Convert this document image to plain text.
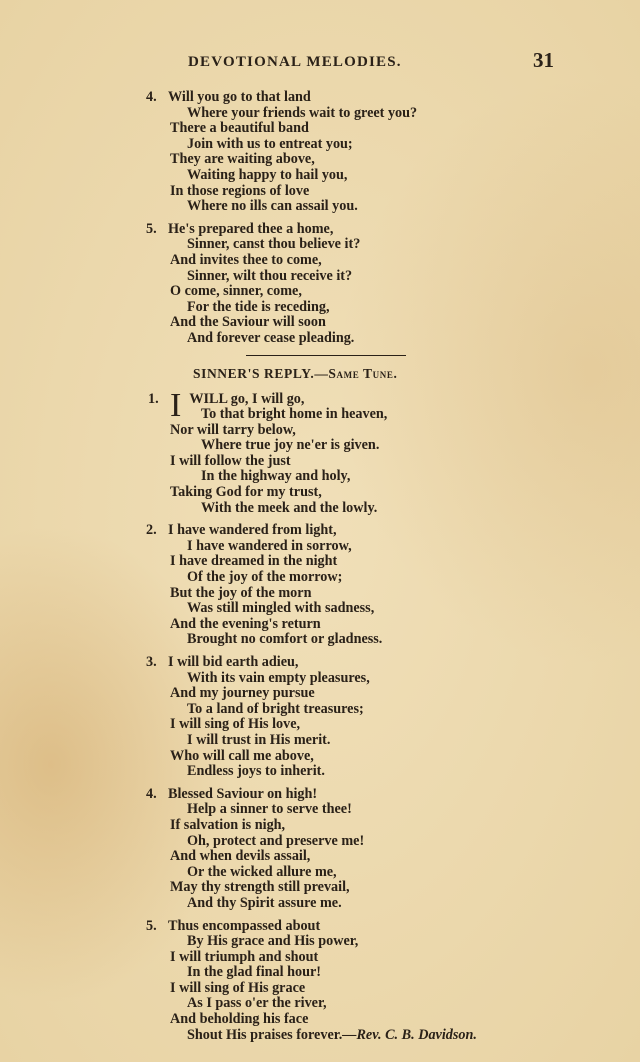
DEVOTIONAL MELODIES.	31
4. Will you go to that land
Where your friends wait to greet you?
There a beautiful band
Join with us to entreat you;
They are waiting above,
Waiting happy to hail you,
In those regions of love
Where no ills can assail you.
5. He's prepared thee a home,
Sinner, canst thou believe it?
And invites thee to come,
Sinner, wilt thou receive it?
O come, sinner, come,
For the tide is receding,
And the Saviour will soon
And forever cease pleading.
SINNER'S REPLY.—Same Tune.
1. I WILL go, I will go,
To that bright home in heaven,
Nor will tarry below,
Where true joy ne'er is given.
I will follow the just
In the highway and holy,
Taking God for my trust,
With the meek and the lowly.
2. I have wandered from light,
I have wandered in sorrow,
I have dreamed in the night
Of the joy of the morrow;
But the joy of the morn
Was still mingled with sadness,
And the evening's return
Brought no comfort or gladness.
3. I will bid earth adieu,
With its vain empty pleasures,
And my journey pursue
To a land of bright treasures;
I will sing of His love,
I will trust in His merit.
Who will call me above,
Endless joys to inherit.
4. Blessed Saviour on high!
Help a sinner to serve thee!
If salvation is nigh,
Oh, protect and preserve me!
And when devils assail,
Or the wicked allure me,
May thy strength still prevail,
And thy Spirit assure me.
5. Thus encompassed about
By His grace and His power,
I will triumph and shout
In the glad final hour!
I will sing of His grace
As I pass o'er the river,
And beholding his face
Shout His praises forever.—Rev. C. B. Davidson.
